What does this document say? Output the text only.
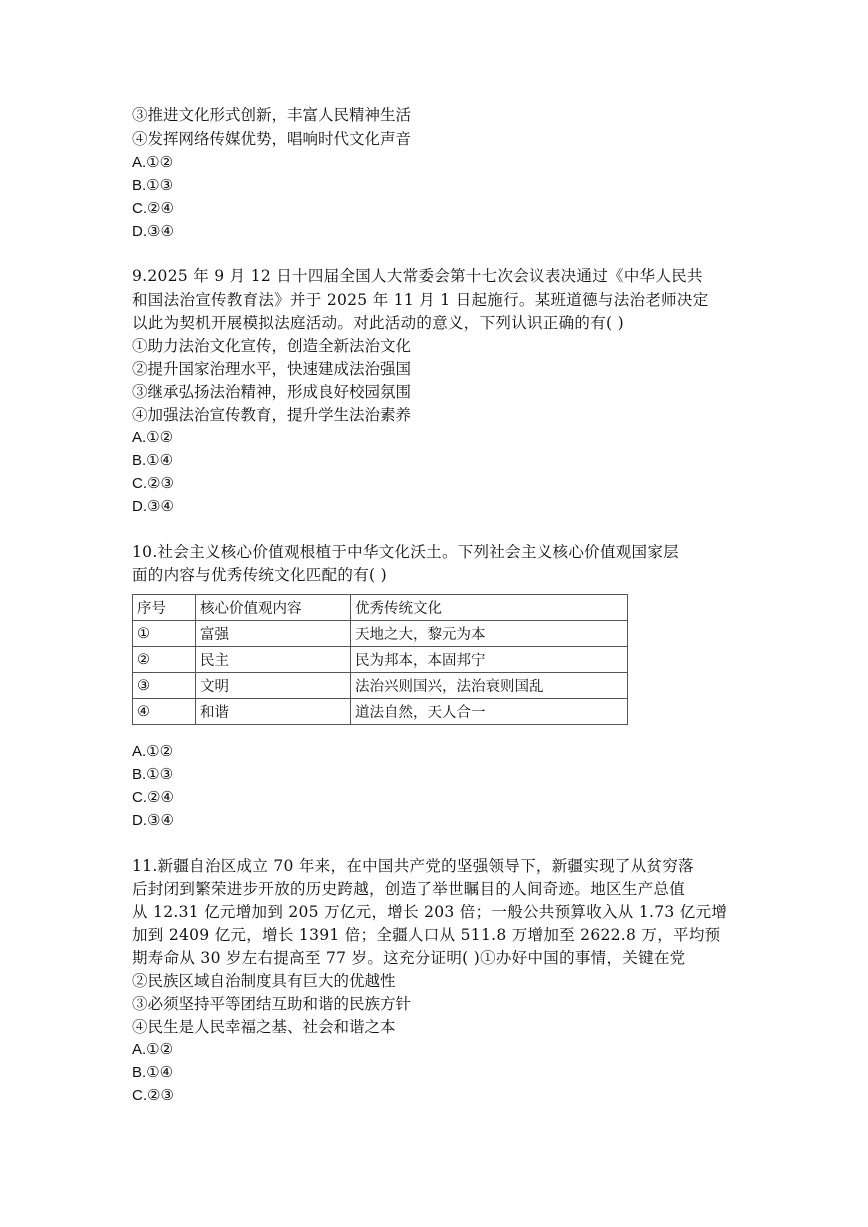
③推进文化形式创新，丰富人民精神生活
④发挥网络传媒优势，唱响时代文化声音
A.①②
B.①③
C.②④
D.③④
9.2025 年 9 月 12 日十四届全国人大常委会第十七次会议表决通过《中华人民共
和国法治宣传教育法》并于 2025 年 11 月 1 日起施行。某班道德与法治老师决定
以此为契机开展模拟法庭活动。对此活动的意义，下列认识正确的有( )
①助力法治文化宣传，创造全新法治文化
②提升国家治理水平，快速建成法治强国
③继承弘扬法治精神，形成良好校园氛围
④加强法治宣传教育，提升学生法治素养
A.①②
B.①④
C.②③
D.③④
10.社会主义核心价值观根植于中华文化沃土。下列社会主义核心价值观国家层
面的内容与优秀传统文化匹配的有( )
序号	核心价值观内容	优秀传统文化
①	富强	天地之大，黎元为本
②	民主	民为邦本，本固邦宁
③	文明	法治兴则国兴，法治衰则国乱
④	和谐	道法自然，天人合一
A.①②
B.①③
C.②④
D.③④
11.新疆自治区成立 70 年来，在中国共产党的坚强领导下，新疆实现了从贫穷落
后封闭到繁荣进步开放的历史跨越，创造了举世瞩目的人间奇迹。地区生产总值
从 12.31 亿元增加到 205 万亿元，增长 203 倍；一般公共预算收入从 1.73 亿元增
加到 2409 亿元，增长 1391 倍；全疆人口从 511.8 万增加至 2622.8 万，平均预
期寿命从 30 岁左右提高至 77 岁。这充分证明( )①办好中国的事情，关键在党
②民族区域自治制度具有巨大的优越性
③必须坚持平等团结互助和谐的民族方针
④民生是人民幸福之基、社会和谐之本
A.①②
B.①④
C.②③
